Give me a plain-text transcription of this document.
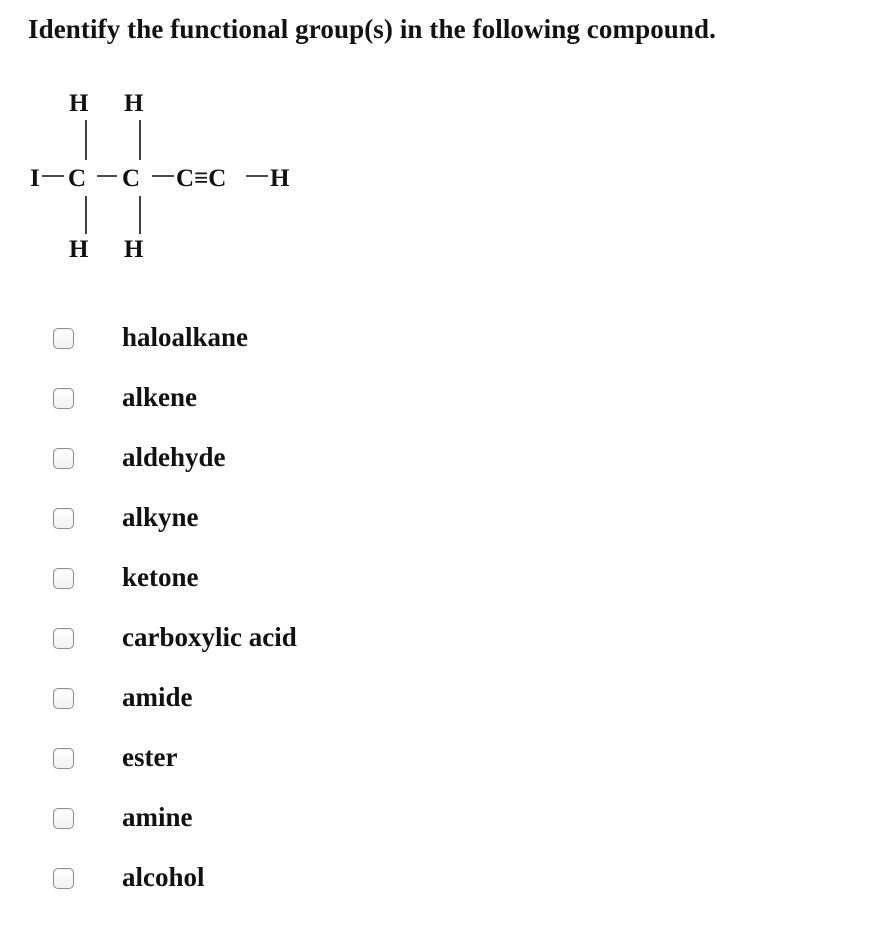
Identify the functional group(s) in the following compound.
H H
I C C C≡C H
H H
haloalkane
alkene
aldehyde
alkyne
ketone
carboxylic acid
amide
ester
amine
alcohol
